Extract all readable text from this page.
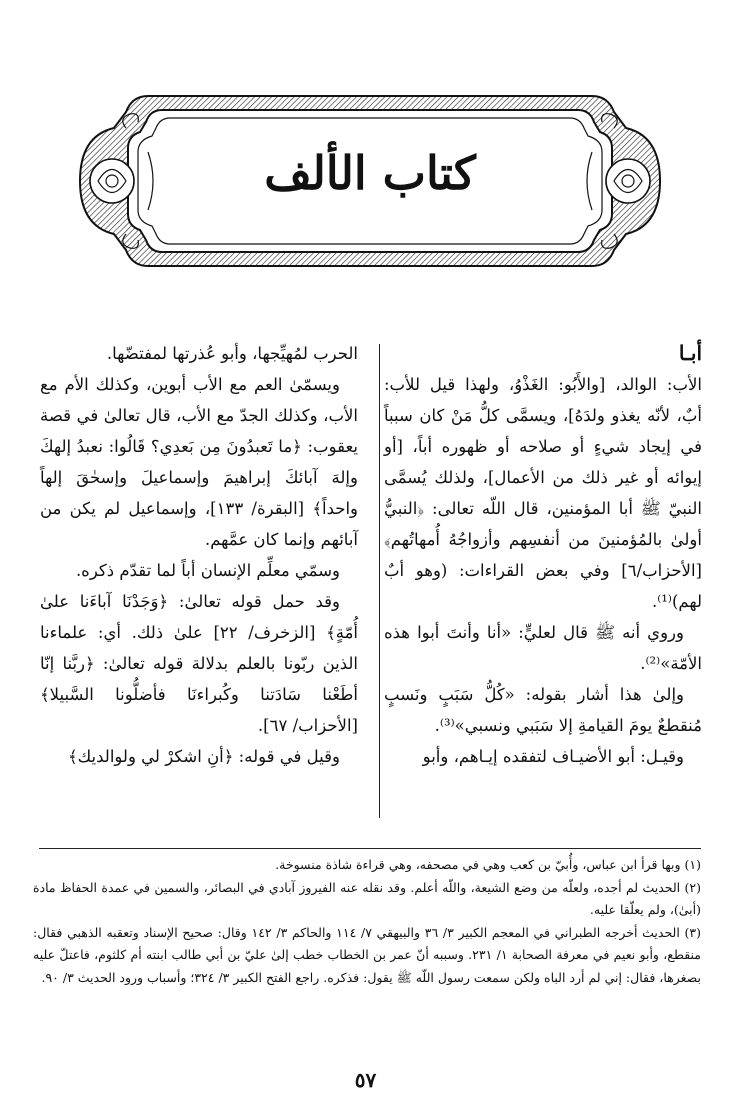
كتاب الألف
أبـا

الأب: الوالد، [والأَبُو: الغَذْوُ، ولهذا قيل للأب: أبٌ، لأنّه يغذو ولدَهُ]، ويسمَّى كلُّ مَنْ كان سبباً في إيجاد شيءٍ أو صلاحه أو ظهوره أباً، [أو إيوائه أو غير ذلك من الأعمال]، ولذلك يُسمَّى النبيّ ﷺ أبا المؤمنين، قال اللّه تعالى: ﴿النبيُّ أولىٰ بالمُؤمنينَ من أنفسِهم وأزواجُهُ أُمهاتُهم﴾ [الأحزاب/٦] وفي بعض القراءات: (وهو أبٌ لهم)⁽¹⁾.

وروي أنه ﷺ قال لعليٍّ: «أنا وأنتَ أبوا هذه الأمّة»⁽²⁾.

وإلىٰ هذا أشار بقوله: «كُلُّ سَبَبٍ ونَسبٍ مُنقطعٌ يومَ القيامةِ إلا سَبَبي ونسبي»⁽³⁾.

وقيـل: أبو الأضيـاف لتفقده إيـاهم، وأبو

الحرب لمُهيِّجها، وأبو عُذرتها لمفتضّها.

ويسمّىٰ العم مع الأب أبوين، وكذلك الأم مع الأب، وكذلك الجدّ مع الأب، قال تعالىٰ في قصة يعقوب: ﴿ما تَعبدُونَ مِن بَعدِي؟ قَالُوا: نعبدُ إلهكَ وإلهَ آبائكَ إبراهيمَ وإسماعيلَ وإسحٰقَ إلهاً واحداً﴾ [البقرة/ ١٣٣]، وإسماعيل لم يكن من آبائهم وإنما كان عمَّهم.

وسمّي معلِّم الإنسان أباً لما تقدّم ذكره.

وقد حمل قوله تعالىٰ: ﴿وَجَدْنَا آباءَنا علىٰ أُمّةٍ﴾ [الزخرف/ ٢٢] علىٰ ذلك. أي: علماءنا الذين ربّونا بالعلم بدلالة قوله تعالىٰ: ﴿ربَّنا إنّا أطَعْنا سَادَتنا وكُبراءنَا فأضلُّونا السَّبيلا﴾ [الأحزاب/ ٦٧].

وقيل في قوله: ﴿أنِ اشكرْ لي ولوالديك﴾

(١) وبها قرأ ابن عباس، وأُبيّ بن كعب وهي في مصحفه، وهي قراءة شاذة منسوخة.

(٢) الحديث لم أجده، ولعلّه من وضع الشيعة، واللّه أعلم. وقد نقله عنه الفيروز آبادي في البصائر، والسمين في عمدة الحفاظ مادة (أبىٰ)، ولم يعلّقا عليه.

(٣) الحديث أخرجه الطبراني في المعجم الكبير ٣/ ٣٦ والبيهقي ٧/ ١١٤ والحاكم ٣/ ١٤٢ وقال: صحيح الإسناد وتعقبه الذهبي فقال: منقطع، وأبو نعيم في معرفة الصحابة ١/ ٢٣١. وسببه أنّ عمر بن الخطاب خطب إلىٰ عليّ بن أبي طالب ابنته أم كلثوم، فاعتلّ عليه بصغرها، فقال: إني لم أرد الباه ولكن سمعت رسول اللّه ﷺ يقول: فذكره. راجع الفتح الكبير ٣/ ٣٢٤؛ وأسباب ورود الحديث ٣/ ٩٠.

٥٧
